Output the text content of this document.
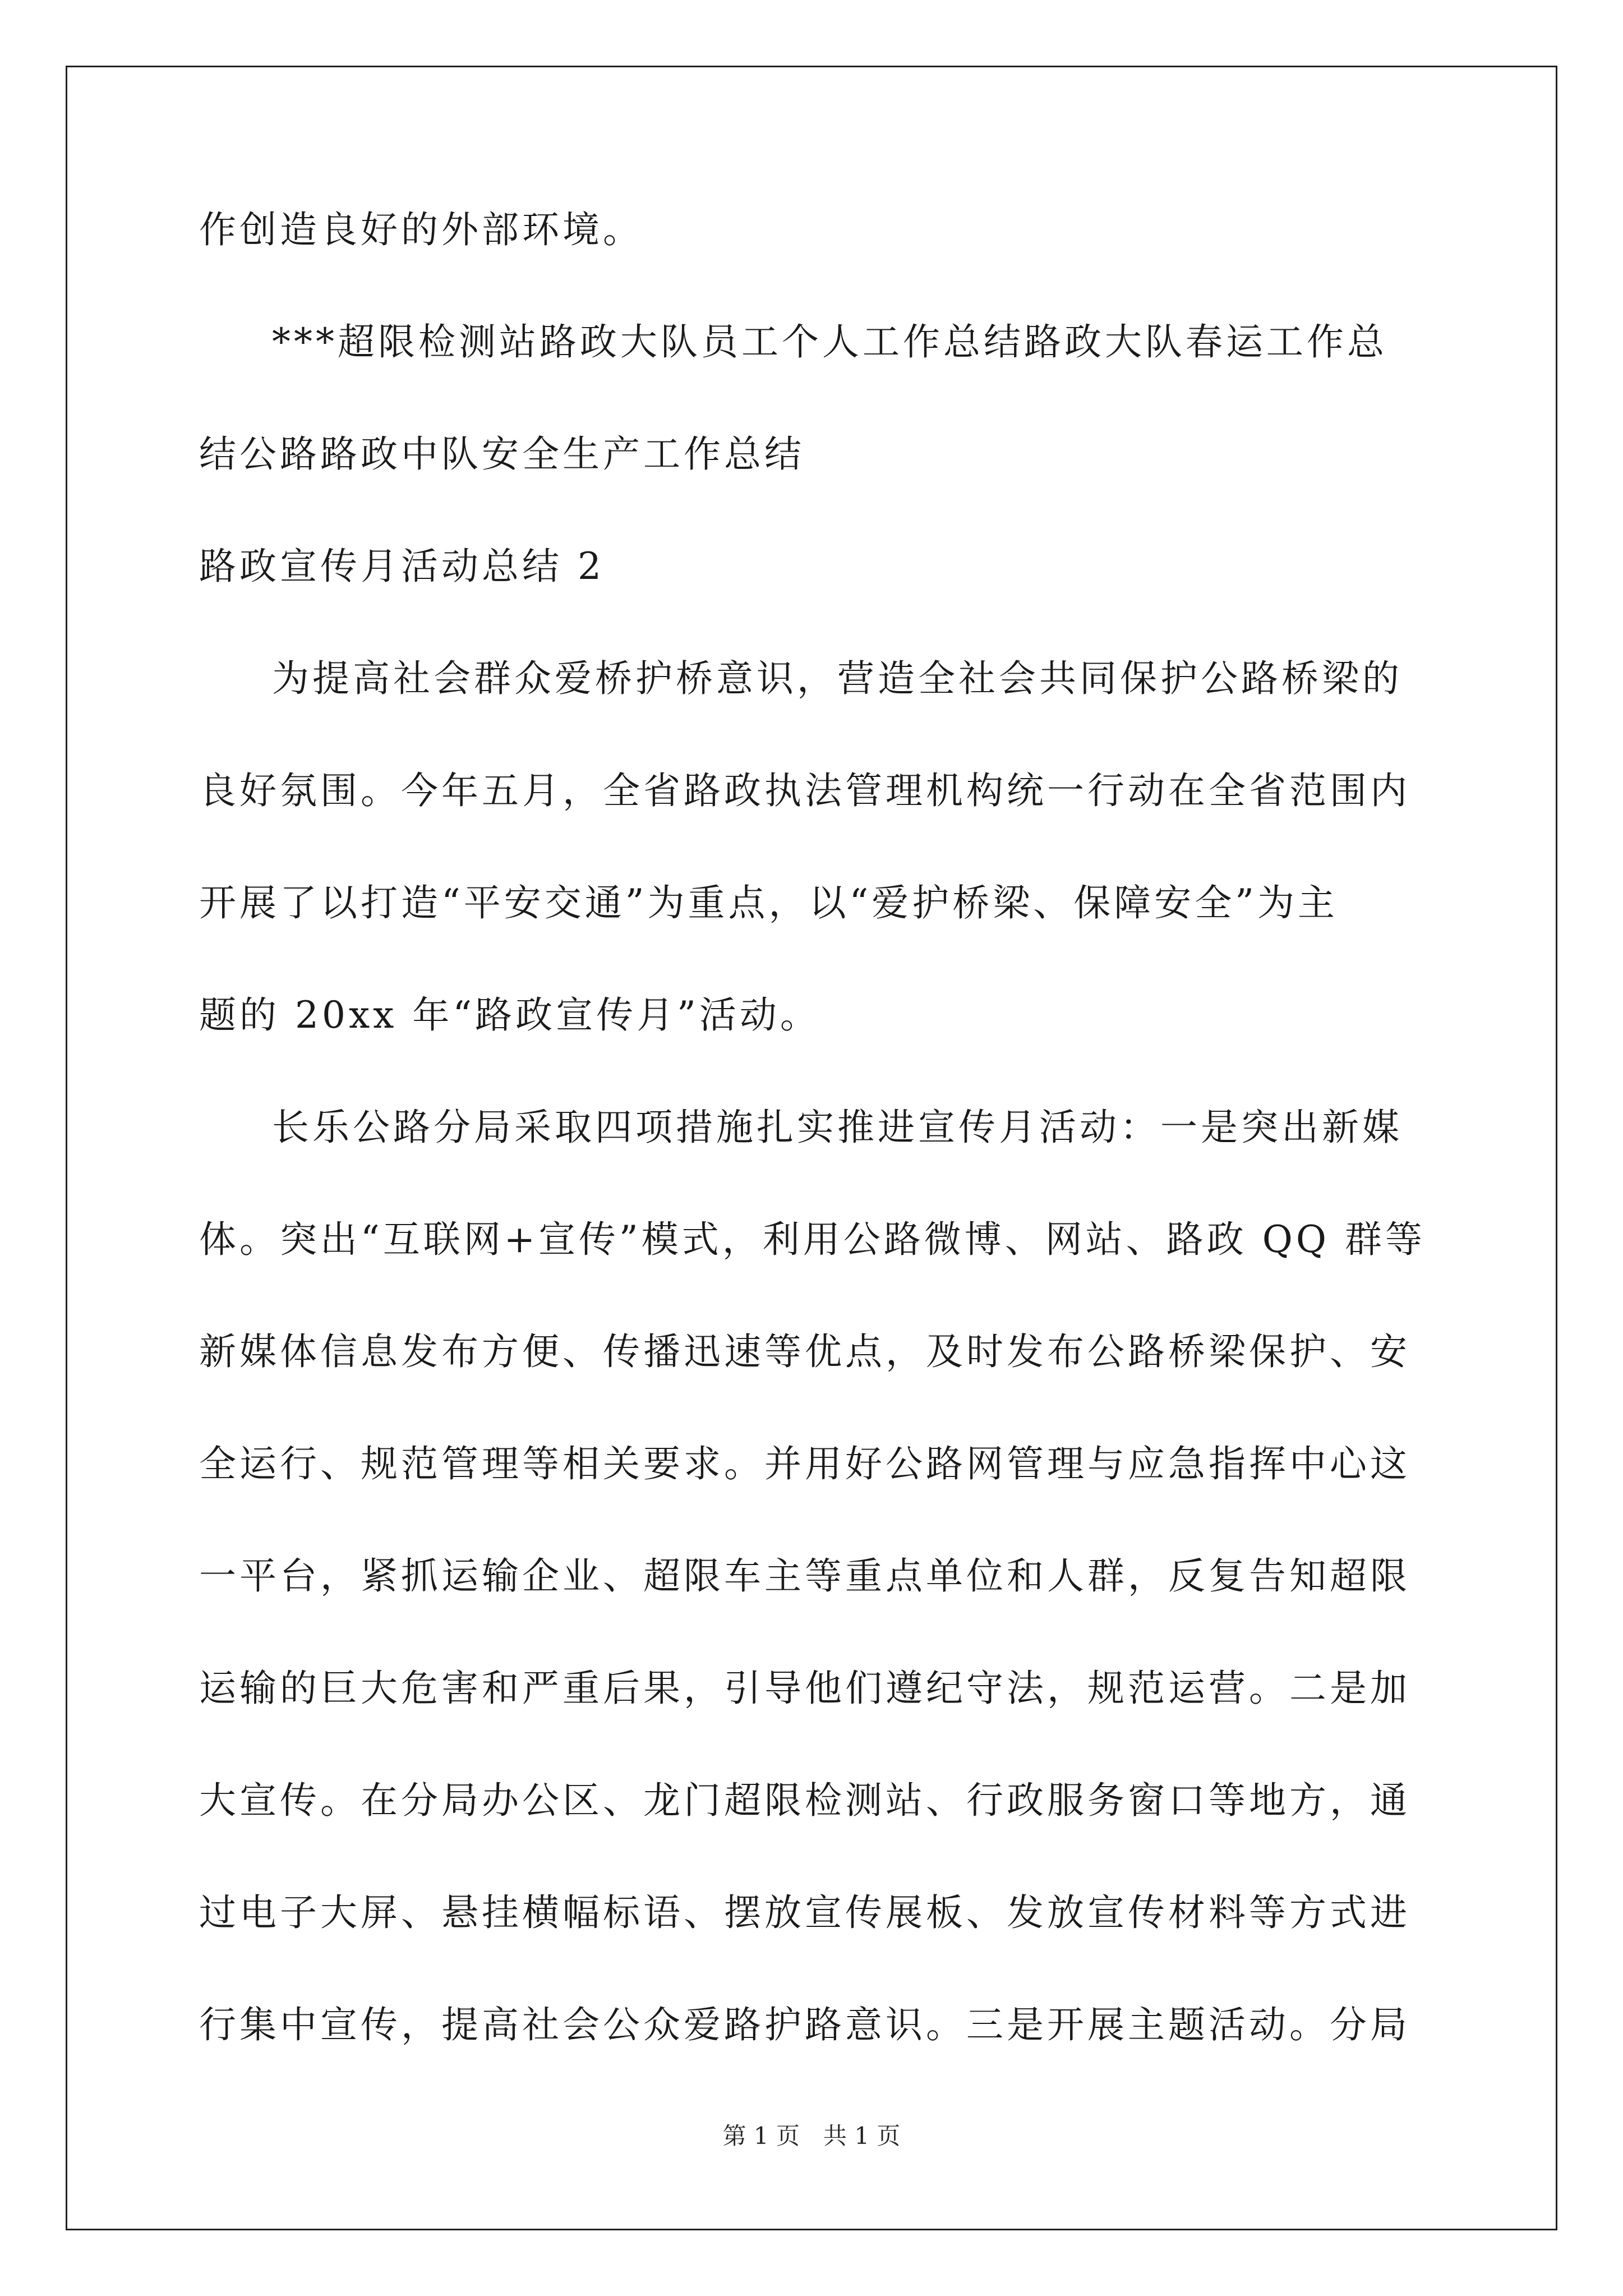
作创造良好的外部环境。
***超限检测站路政大队员工个人工作总结路政大队春运工作总
结公路路政中队安全生产工作总结
路政宣传月活动总结 2
为提高社会群众爱桥护桥意识，营造全社会共同保护公路桥梁的
良好氛围。今年五月，全省路政执法管理机构统一行动在全省范围内
开展了以打造“平安交通”为重点，以“爱护桥梁、保障安全”为主
题的 20xx 年“路政宣传月”活动。
长乐公路分局采取四项措施扎实推进宣传月活动：一是突出新媒
体。突出“互联网+宣传”模式，利用公路微博、网站、路政 QQ 群等
新媒体信息发布方便、传播迅速等优点，及时发布公路桥梁保护、安
全运行、规范管理等相关要求。并用好公路网管理与应急指挥中心这
一平台，紧抓运输企业、超限车主等重点单位和人群，反复告知超限
运输的巨大危害和严重后果，引导他们遵纪守法，规范运营。二是加
大宣传。在分局办公区、龙门超限检测站、行政服务窗口等地方，通
过电子大屏、悬挂横幅标语、摆放宣传展板、发放宣传材料等方式进
行集中宣传，提高社会公众爱路护路意识。三是开展主题活动。分局
第 1 页　共 1 页
